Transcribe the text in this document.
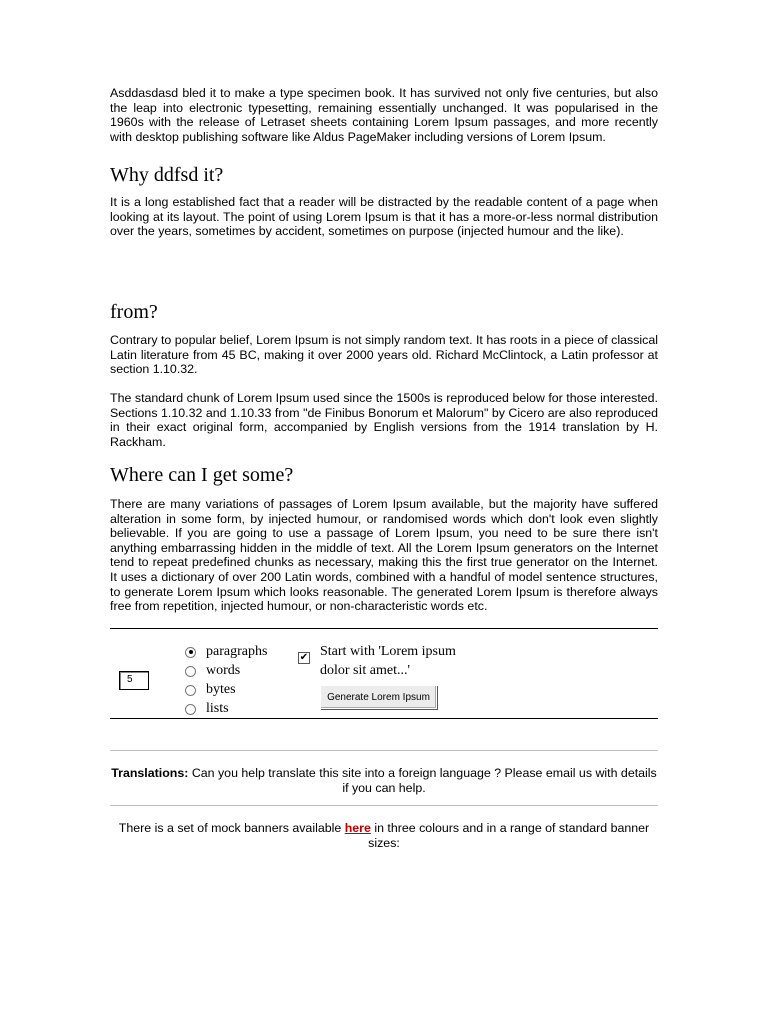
Asddasdasd bled it to make a type specimen book. It has survived not only five centuries, but also the leap into electronic typesetting, remaining essentially unchanged. It was popularised in the 1960s with the release of Letraset sheets containing Lorem Ipsum passages, and more recently with desktop publishing software like Aldus PageMaker including versions of Lorem Ipsum.

Why ddfsd it?

It is a long established fact that a reader will be distracted by the readable content of a page when looking at its layout. The point of using Lorem Ipsum is that it has a more-or-less normal distribution over the years, sometimes by accident, sometimes on purpose (injected humour and the like).

from?

Contrary to popular belief, Lorem Ipsum is not simply random text. It has roots in a piece of classical Latin literature from 45 BC, making it over 2000 years old. Richard McClintock, a Latin professor at section 1.10.32.

The standard chunk of Lorem Ipsum used since the 1500s is reproduced below for those interested. Sections 1.10.32 and 1.10.33 from "de Finibus Bonorum et Malorum" by Cicero are also reproduced in their exact original form, accompanied by English versions from the 1914 translation by H. Rackham.

Where can I get some?

There are many variations of passages of Lorem Ipsum available, but the majority have suffered alteration in some form, by injected humour, or randomised words which don't look even slightly believable. If you are going to use a passage of Lorem Ipsum, you need to be sure there isn't anything embarrassing hidden in the middle of text. All the Lorem Ipsum generators on the Internet tend to repeat predefined chunks as necessary, making this the first true generator on the Internet. It uses a dictionary of over 200 Latin words, combined with a handful of model sentence structures, to generate Lorem Ipsum which looks reasonable. The generated Lorem Ipsum is therefore always free from repetition, injected humour, or non-characteristic words etc.

5
paragraphs
words
bytes
lists
✔ Start with 'Lorem ipsum dolor sit amet...'
Generate Lorem Ipsum
Translations: Can you help translate this site into a foreign language ? Please email us with details if you can help.
There is a set of mock banners available here in three colours and in a range of standard banner sizes:
